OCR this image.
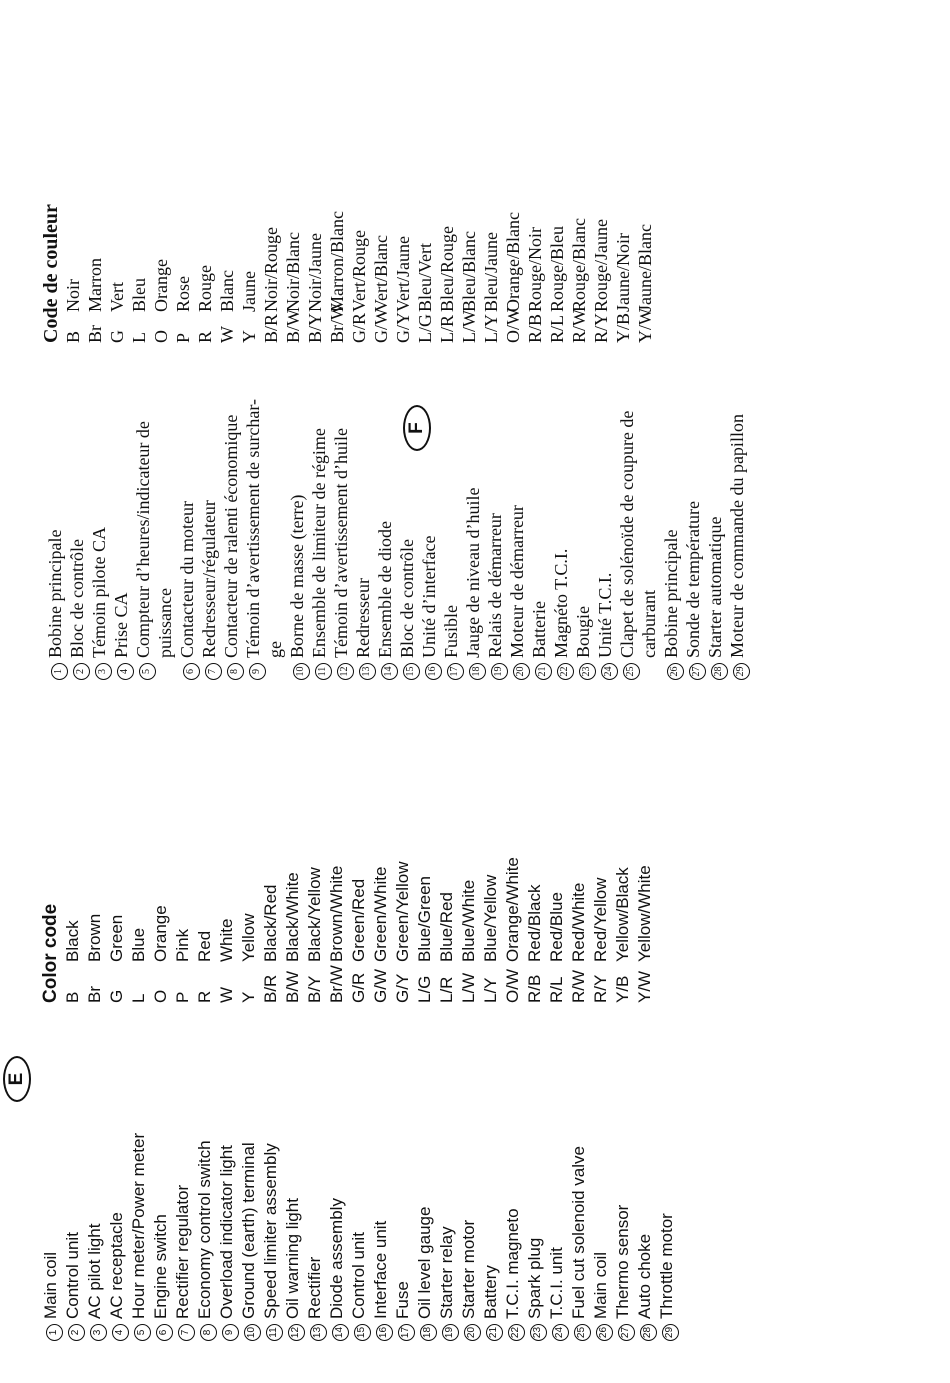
E
1
Main coil
2
Control unit
3
AC pilot light
4
AC receptacle
5
Hour meter/Power meter
6
Engine switch
7
Rectifier regulator
8
Economy control switch
9
Overload indicator light
10
Ground (earth) terminal
11
Speed limiter assembly
12
Oil warning light
13
Rectifier
14
Diode assembly
15
Control unit
16
Interface unit
17
Fuse
18
Oil level gauge
19
Starter relay
20
Starter motor
21
Battery
22
T.C.I. magneto
23
Spark plug
24
T.C.I. unit
25
Fuel cut solenoid valve
26
Main coil
27
Thermo sensor
28
Auto choke
29
Throttle motor
Color code B
Black
Br
Brown
G
Green
L
Blue
O
Orange
P
Pink
R
Red
W
White
Y
Yellow
B/R
Black/Red
B/W
Black/White
B/Y
Black/Yellow
Br/W
Brown/White
G/R
Green/Red
G/W
Green/White
G/Y
Green/Yellow
L/G
Blue/Green
L/R
Blue/Red
L/W
Blue/White
L/Y
Blue/Yellow
O/W
Orange/White
R/B
Red/Black
R/L
Red/Blue
R/W
Red/White
R/Y
Red/Yellow
Y/B
Yellow/Black
Y/W
Yellow/White
F
1
Bobine principale
2
Bloc de contrôle
3
Témoin pilote CA
4
Prise CA
5
Compteur d’heures/indicateur de puissance
6
Contacteur du moteur
7
Redresseur/régulateur
8
Contacteur de ralenti économique
9
Témoin d’avertissement de surchar- ge
10
Borne de masse (terre)
11
Ensemble de limiteur de régime
12
Témoin d’avertissement d’huile
13
Redresseur
14
Ensemble de diode
15
Bloc de contrôle
16
Unité d’interface
17
Fusible
18
Jauge de niveau d’huile
19
Relais de démarreur
20
Moteur de démarreur
21
Batterie
22
Magnéto T.C.I.
23
Bougie
24
Unité T.C.I.
25
Clapet de solénoïde de coupure de carburant
26
Bobine principale
27
Sonde de température
28
Starter automatique
29
Moteur de commande du papillon
Code de couleur B
Noir
Br
Marron
G
Vert
L
Bleu
O
Orange
P
Rose
R
Rouge
W
Blanc
Y
Jaune
B/R
Noir/Rouge
B/W
Noir/Blanc
B/Y
Noir/Jaune
Br/W
Marron/Blanc
G/R
Vert/Rouge
G/W
Vert/Blanc
G/Y
Vert/Jaune
L/G
Bleu/Vert
L/R
Bleu/Rouge
L/W
Bleu/Blanc
L/Y
Bleu/Jaune
O/W
Orange/Blanc
R/B
Rouge/Noir
R/L
Rouge/Bleu
R/W
Rouge/Blanc
R/Y
Rouge/Jaune
Y/B
Jaune/Noir
Y/W
Jaune/Blanc
